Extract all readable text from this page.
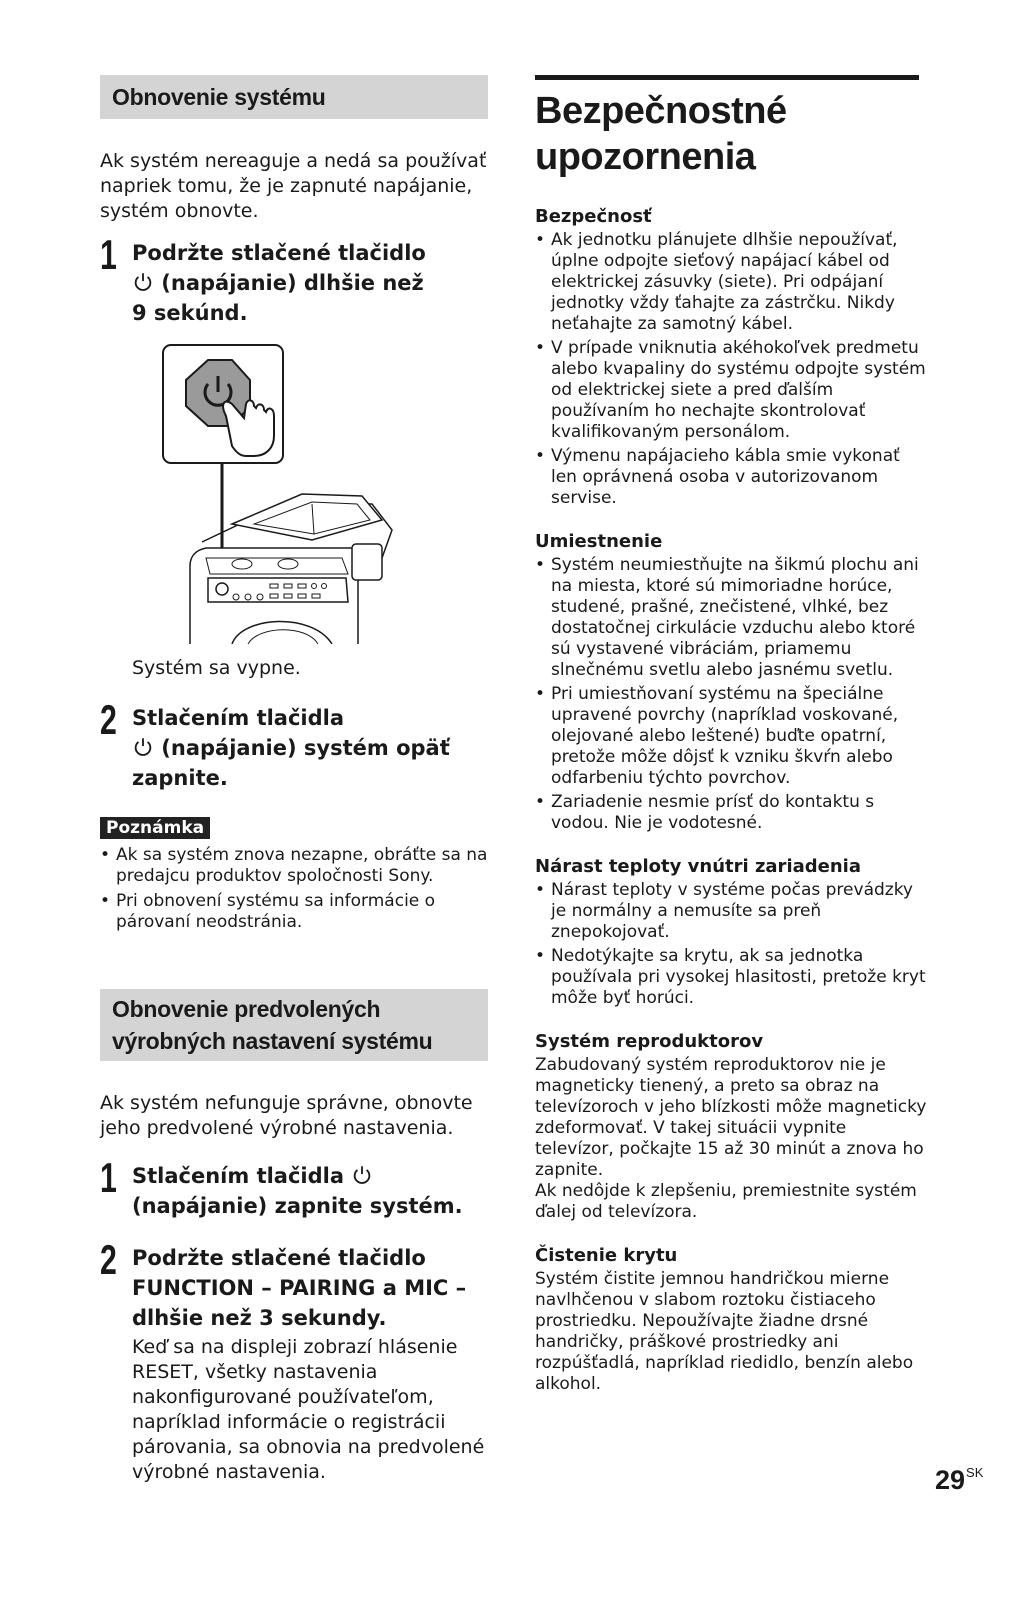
Obnovenie systému

Ak systém nereaguje a nedá sa používať napriek tomu, že je zapnuté napájanie, systém obnovte.

1 Podržte stlačené tlačidlo
(napájanie) dlhšie než
9 sekúnd.
Systém sa vypne.
2 Stlačením tlačidla
(napájanie) systém opäť
zapnite.
Poznámka
• Ak sa systém znova nezapne, obráťte sa na predajcu produktov spoločnosti Sony.
• Pri obnovení systému sa informácie o párovaní neodstránia.
Obnovenie predvolených
výrobných nastavení systému

Ak systém nefunguje správne, obnovte jeho predvolené výrobné nastavenia.

1 Stlačením tlačidla
(napájanie) zapnite systém.
2 Podržte stlačené tlačidlo FUNCTION – PAIRING a MIC – dlhšie než 3 sekundy.
Keď sa na displeji zobrazí hlásenie RESET, všetky nastavenia nakonfigurované používateľom, napríklad informácie o registrácii párovania, sa obnovia na predvolené výrobné nastavenia.
Bezpečnostné
upozornenia
Bezpečnosť
• Ak jednotku plánujete dlhšie nepoužívať, úplne odpojte sieťový napájací kábel od elektrickej zásuvky (siete). Pri odpájaní jednotky vždy ťahajte za zástrčku. Nikdy neťahajte za samotný kábel.
• V prípade vniknutia akéhokoľvek predmetu alebo kvapaliny do systému odpojte systém od elektrickej siete a pred ďalším používaním ho nechajte skontrolovať kvalifikovaným personálom.
• Výmenu napájacieho kábla smie vykonať len oprávnená osoba v autorizovanom servise.
Umiestnenie
• Systém neumiestňujte na šikmú plochu ani na miesta, ktoré sú mimoriadne horúce, studené, prašné, znečistené, vlhké, bez dostatočnej cirkulácie vzduchu alebo ktoré sú vystavené vibráciám, priamemu slnečnému svetlu alebo jasnému svetlu.
• Pri umiestňovaní systému na špeciálne upravené povrchy (napríklad voskované, olejované alebo leštené) buďte opatrní, pretože môže dôjsť k vzniku škvŕn alebo odfarbeniu týchto povrchov.
• Zariadenie nesmie prísť do kontaktu s vodou. Nie je vodotesné.
Nárast teploty vnútri zariadenia
• Nárast teploty v systéme počas prevádzky je normálny a nemusíte sa preň znepokojovať.
• Nedotýkajte sa krytu, ak sa jednotka používala pri vysokej hlasitosti, pretože kryt môže byť horúci.
Systém reproduktorov

Zabudovaný systém reproduktorov nie je magneticky tienený, a preto sa obraz na televízoroch v jeho blízkosti môže magneticky zdeformovať. V takej situácii vypnite televízor, počkajte 15 až 30 minút a znova ho zapnite.

Ak nedôjde k zlepšeniu, premiestnite systém ďalej od televízora.

Čistenie krytu

Systém čistite jemnou handričkou mierne navlhčenou v slabom roztoku čistiaceho prostriedku. Nepoužívajte žiadne drsné handričky, práškové prostriedky ani rozpúšťadlá, napríklad riedidlo, benzín alebo alkohol.

$29^{SK}$
